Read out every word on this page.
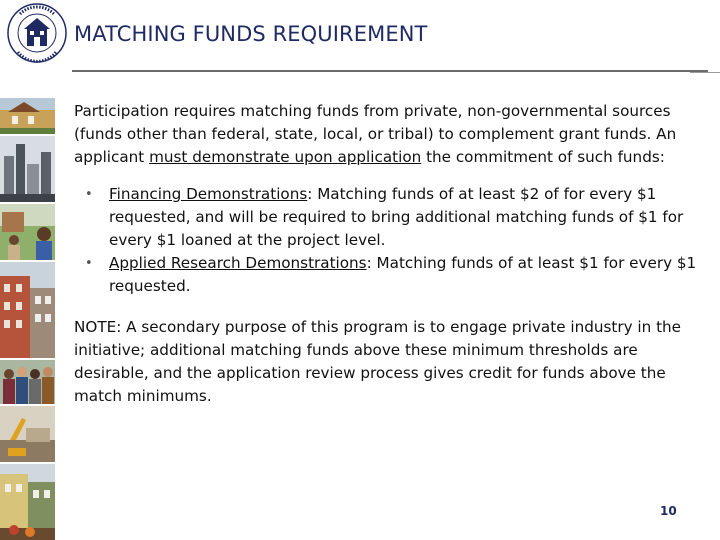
MATCHING FUNDS REQUIREMENT

Participation requires matching funds from private, non-governmental sources (funds other than federal, state, local, or tribal) to complement grant funds. An applicant must demonstrate upon application the commitment of such funds:

• Financing Demonstrations: Matching funds of at least $2 of for every $1 requested, and will be required to bring additional matching funds of $1 for every $1 loaned at the project level.
• Applied Research Demonstrations: Matching funds of at least $1 for every $1 requested.

NOTE: A secondary purpose of this program is to engage private industry in the initiative; additional matching funds above these minimum thresholds are desirable, and the application review process gives credit for funds above the match minimums.

10
